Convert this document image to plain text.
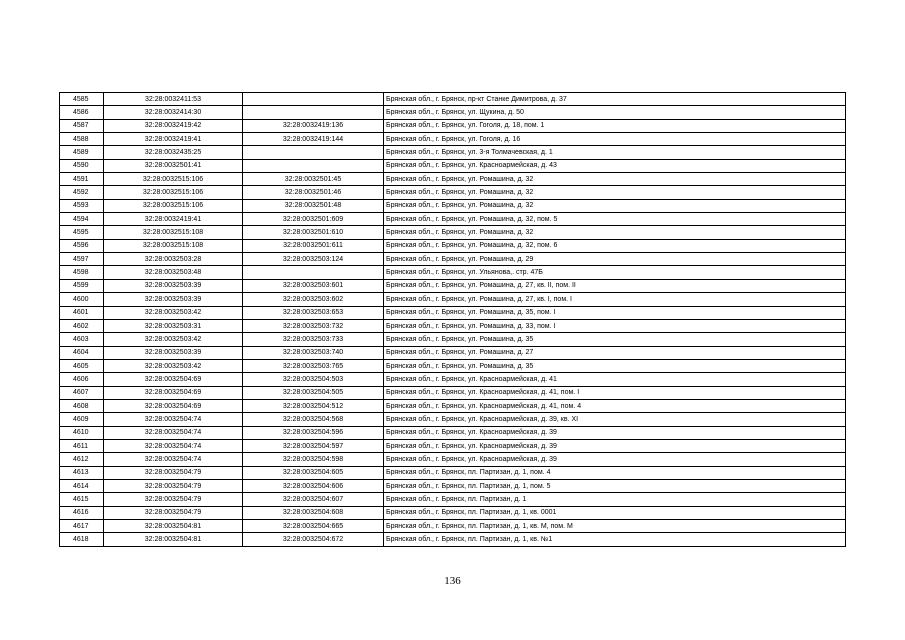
4585	32:28:0032411:53		Брянская обл., г. Брянск, пр-кт Станке Димитрова, д. 37
4586	32:28:0032414:30		Брянская обл., г. Брянск, ул. Щукина, д. 50
4587	32:28:0032419:42	32:28:0032419:136	Брянская обл., г. Брянск, ул. Гоголя, д. 18, пом. 1
4588	32:28:0032419:41	32:28:0032419:144	Брянская обл., г. Брянск, ул. Гоголя, д. 16
4589	32:28:0032435:25		Брянская обл., г. Брянск, ул. 3-я Толмачевская, д. 1
4590	32:28:0032501:41		Брянская обл., г. Брянск, ул. Красноармейская, д. 43
4591	32:28:0032515:106	32:28:0032501:45	Брянская обл., г. Брянск, ул. Ромашина, д. 32
4592	32:28:0032515:106	32:28:0032501:46	Брянская обл., г. Брянск, ул. Ромашина, д. 32
4593	32:28:0032515:106	32:28:0032501:48	Брянская обл., г. Брянск, ул. Ромашина, д. 32
4594	32:28:0032419:41	32:28:0032501:609	Брянская обл., г. Брянск, ул. Ромашина, д. 32, пом. 5
4595	32:28:0032515:108	32:28:0032501:610	Брянская обл., г. Брянск, ул. Ромашина, д. 32
4596	32:28:0032515:108	32:28:0032501:611	Брянская обл., г. Брянск, ул. Ромашина, д. 32, пом. 6
4597	32:28:0032503:28	32:28:0032503:124	Брянская обл., г. Брянск, ул. Ромашина, д. 29
4598	32:28:0032503:48		Брянская обл., г. Брянск, ул. Ульянова,. стр. 47Б
4599	32:28:0032503:39	32:28:0032503:601	Брянская обл., г. Брянск, ул. Ромашина, д. 27, кв. II, пом. II
4600	32:28:0032503:39	32:28:0032503:602	Брянская обл., г. Брянск, ул. Ромашина, д. 27, кв. I, пом. I
4601	32:28:0032503:42	32:28:0032503:653	Брянская обл., г. Брянск, ул. Ромашина, д. 35, пом. I
4602	32:28:0032503:31	32:28:0032503:732	Брянская обл., г. Брянск, ул. Ромашина, д. 33, пом. I
4603	32:28:0032503:42	32:28:0032503:733	Брянская обл., г. Брянск, ул. Ромашина, д. 35
4604	32:28:0032503:39	32:28:0032503:740	Брянская обл., г. Брянск, ул. Ромашина, д. 27
4605	32:28:0032503:42	32:28:0032503:765	Брянская обл., г. Брянск, ул. Ромашина, д. 35
4606	32:28:0032504:69	32:28:0032504:503	Брянская обл., г. Брянск, ул. Красноармейская, д. 41
4607	32:28:0032504:69	32:28:0032504:505	Брянская обл., г. Брянск, ул. Красноармейская, д. 41, пом. I
4608	32:28:0032504:69	32:28:0032504:512	Брянская обл., г. Брянск, ул. Красноармейская, д. 41, пом. 4
4609	32:28:0032504:74	32:28:0032504:568	Брянская обл., г. Брянск, ул. Красноармейская, д. 39, кв. XI
4610	32:28:0032504:74	32:28:0032504:596	Брянская обл., г. Брянск, ул. Красноармейская, д. 39
4611	32:28:0032504:74	32:28:0032504:597	Брянская обл., г. Брянск, ул. Красноармейская, д. 39
4612	32:28:0032504:74	32:28:0032504:598	Брянская обл., г. Брянск, ул. Красноармейская, д. 39
4613	32:28:0032504:79	32:28:0032504:605	Брянская обл., г. Брянск, пл. Партизан, д. 1, пом. 4
4614	32:28:0032504:79	32:28:0032504:606	Брянская обл., г. Брянск, пл. Партизан, д. 1, пом. 5
4615	32:28:0032504:79	32:28:0032504:607	Брянская обл., г. Брянск, пл. Партизан, д. 1
4616	32:28:0032504:79	32:28:0032504:608	Брянская обл., г. Брянск, пл. Партизан, д. 1, кв. 0001
4617	32:28:0032504:81	32:28:0032504:665	Брянская обл., г. Брянск, пл. Партизан, д. 1, кв. М, пом. М
4618	32:28:0032504:81	32:28:0032504:672	Брянская обл., г. Брянск, пл. Партизан, д. 1, кв. №1
136
